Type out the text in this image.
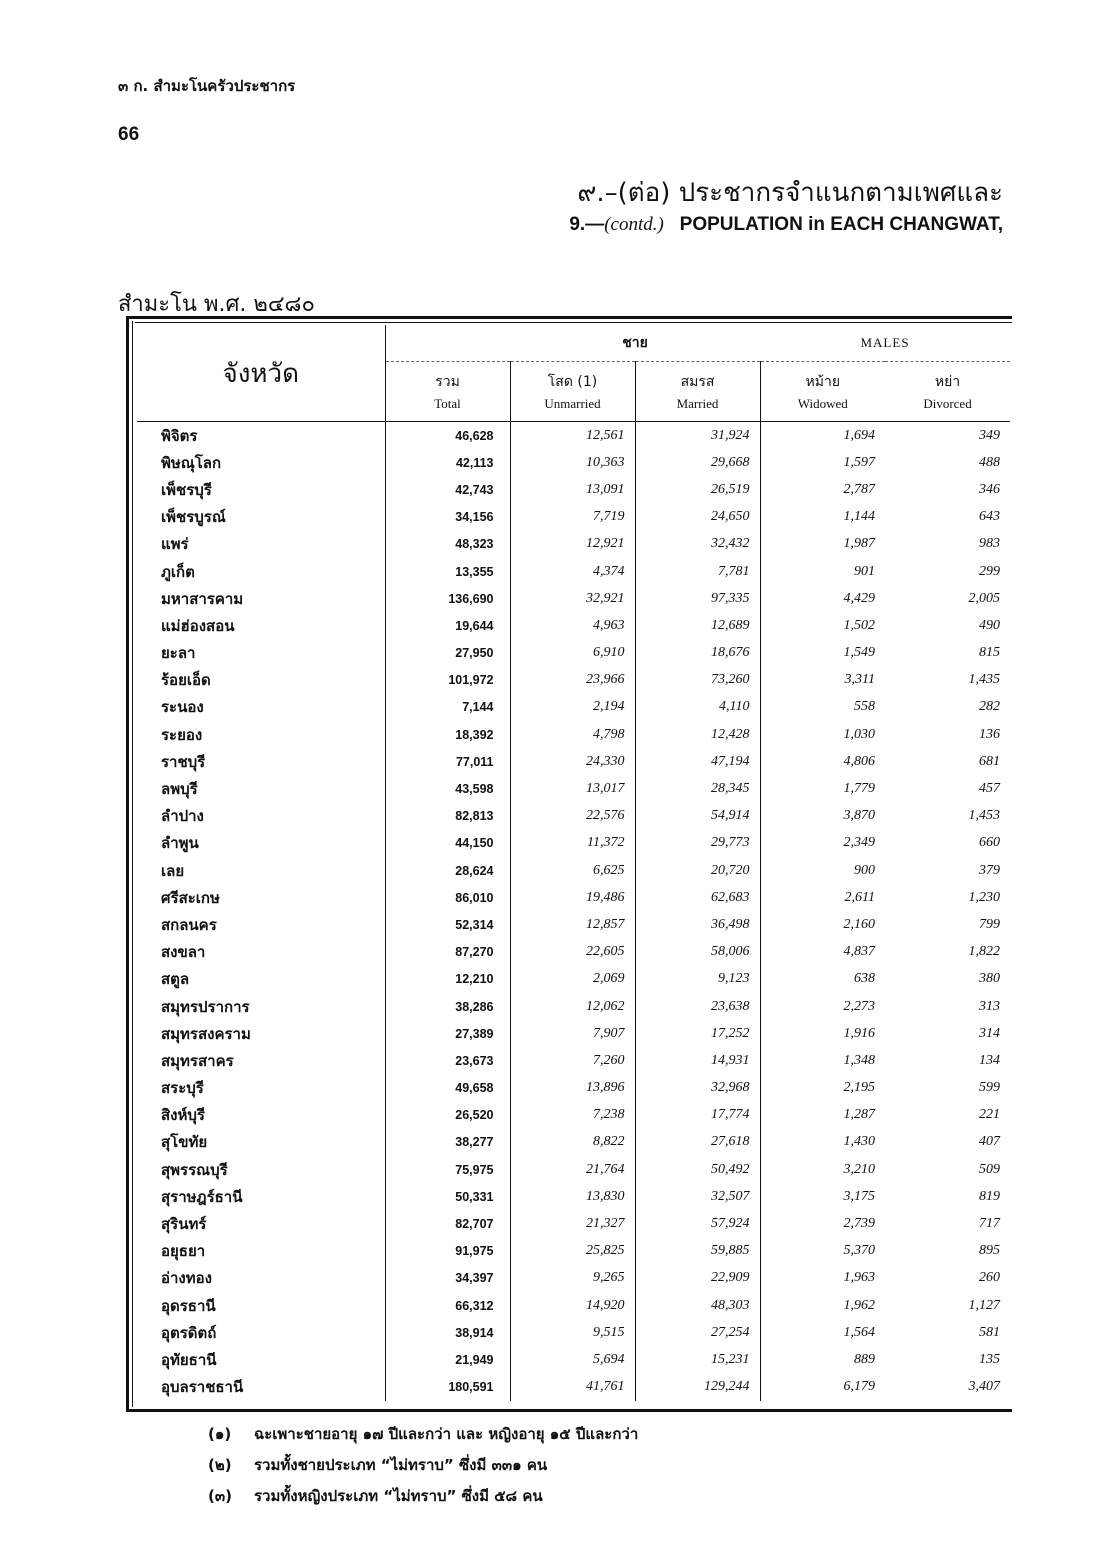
๓ ก. สำมะโนครัวประชากร
66
๙.–(ต่อ) ประชากรจำแนกตามเพศและ
9.—(contd.) POPULATION in EACH CHANGWAT,
สำมะโน พ.ศ. ๒๔๘๐
จังหวัด		ชาย		MALES	
	รวม	โสด (1)	สมรส	หม้าย	หย่า
	Total	Unmarried	Married	Widowed	Divorced
พิจิตร	46,628	12,561	31,924	1,694	349
พิษณุโลก	42,113	10,363	29,668	1,597	488
เพ็ชรบุรี	42,743	13,091	26,519	2,787	346
เพ็ชรบูรณ์	34,156	7,719	24,650	1,144	643
แพร่	48,323	12,921	32,432	1,987	983
ภูเก็ต	13,355	4,374	7,781	901	299
มหาสารคาม	136,690	32,921	97,335	4,429	2,005
แม่ฮ่องสอน	19,644	4,963	12,689	1,502	490
ยะลา	27,950	6,910	18,676	1,549	815
ร้อยเอ็ด	101,972	23,966	73,260	3,311	1,435
ระนอง	7,144	2,194	4,110	558	282
ระยอง	18,392	4,798	12,428	1,030	136
ราชบุรี	77,011	24,330	47,194	4,806	681
ลพบุรี	43,598	13,017	28,345	1,779	457
ลำปาง	82,813	22,576	54,914	3,870	1,453
ลำพูน	44,150	11,372	29,773	2,349	660
เลย	28,624	6,625	20,720	900	379
ศรีสะเกษ	86,010	19,486	62,683	2,611	1,230
สกลนคร	52,314	12,857	36,498	2,160	799
สงขลา	87,270	22,605	58,006	4,837	1,822
สตูล	12,210	2,069	9,123	638	380
สมุทรปราการ	38,286	12,062	23,638	2,273	313
สมุทรสงคราม	27,389	7,907	17,252	1,916	314
สมุทรสาคร	23,673	7,260	14,931	1,348	134
สระบุรี	49,658	13,896	32,968	2,195	599
สิงห์บุรี	26,520	7,238	17,774	1,287	221
สุโขทัย	38,277	8,822	27,618	1,430	407
สุพรรณบุรี	75,975	21,764	50,492	3,210	509
สุราษฎร์ธานี	50,331	13,830	32,507	3,175	819
สุรินทร์	82,707	21,327	57,924	2,739	717
อยุธยา	91,975	25,825	59,885	5,370	895
อ่างทอง	34,397	9,265	22,909	1,963	260
อุดรธานี	66,312	14,920	48,303	1,962	1,127
อุตรดิตถ์	38,914	9,515	27,254	1,564	581
อุทัยธานี	21,949	5,694	15,231	889	135
อุบลราชธานี	180,591	41,761	129,244	6,179	3,407
(๑)	ฉะเพาะชายอายุ ๑๗ ปีและกว่า และ หญิงอายุ ๑๕ ปีและกว่า
(๒)	รวมทั้งชายประเภท “ไม่ทราบ” ซึ่งมี ๓๓๑ คน
(๓)	รวมทั้งหญิงประเภท “ไม่ทราบ” ซึ่งมี ๕๘ คน
